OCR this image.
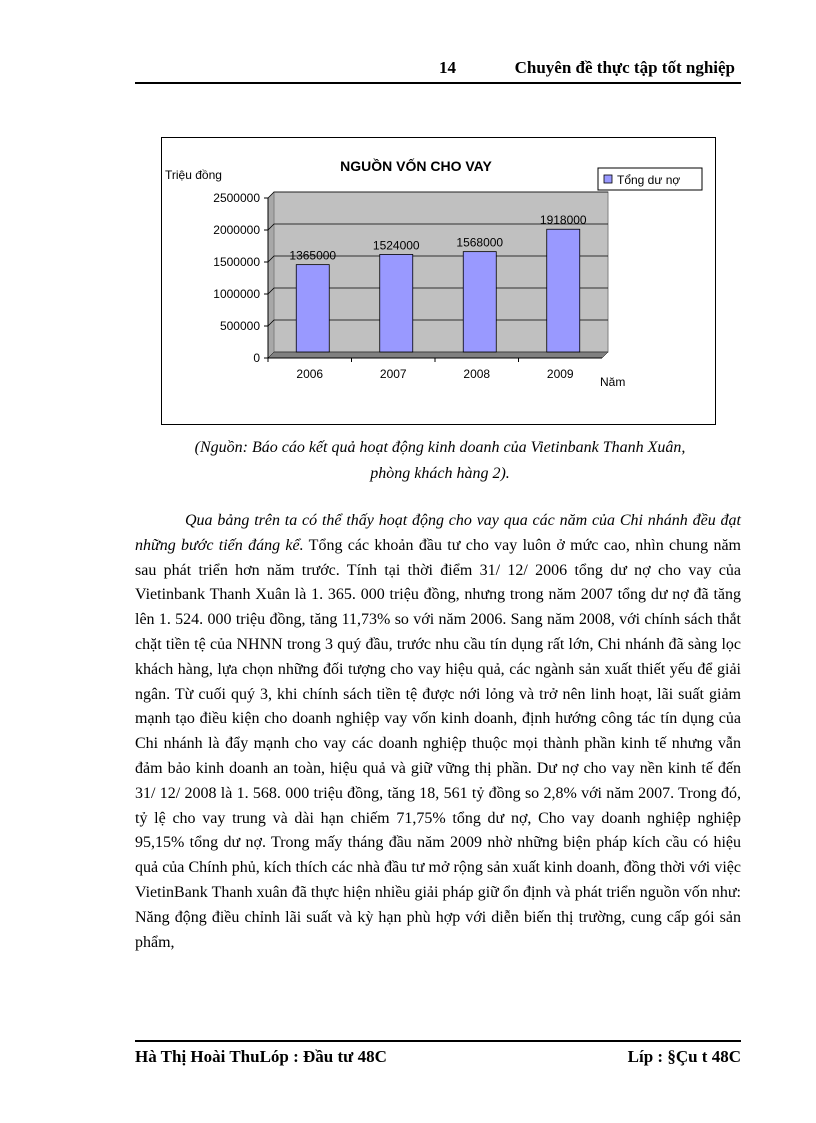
14	Chuyên đề thực tập tốt nghiệp
NGUỒN VỐN CHO VAY
Triệu đồng
0
500000
1000000
1500000
2000000
2500000
1365000
2006
1524000
2007
1568000
2008
1918000
2009
Năm
Tổng dư nợ
(Nguồn: Báo cáo kết quả hoạt động kinh doanh của Vietinbank Thanh Xuân,
phòng khách hàng 2).

Qua bảng trên ta có thể thấy hoạt động cho vay qua các năm của Chi nhánh đều đạt những bước tiến đáng kể. Tổng các khoản đầu tư cho vay luôn ở mức cao, nhìn chung năm sau phát triển hơn năm trước. Tính tại thời điểm 31/ 12/ 2006 tổng dư nợ cho vay của Vietinbank Thanh Xuân là 1. 365. 000 triệu đồng, nhưng trong năm 2007 tổng dư nợ đã tăng lên 1. 524. 000 triệu đồng, tăng 11,73% so với năm 2006. Sang năm 2008, với chính sách thắt chặt tiền tệ của NHNN trong 3 quý đầu, trước nhu cầu tín dụng rất lớn, Chi nhánh đã sàng lọc khách hàng, lựa chọn những đối tượng cho vay hiệu quả, các ngành sản xuất thiết yếu để giải ngân. Từ cuối quý 3, khi chính sách tiền tệ được nới lỏng và trở nên linh hoạt, lãi suất giảm mạnh tạo điều kiện cho doanh nghiệp vay vốn kinh doanh, định hướng công tác tín dụng của Chi nhánh là đẩy mạnh cho vay các doanh nghiệp thuộc mọi thành phần kinh tế nhưng vẫn đảm bảo kinh doanh an toàn, hiệu quả và giữ vững thị phần. Dư nợ cho vay nền kinh tế đến 31/ 12/ 2008 là 1. 568. 000 triệu đồng, tăng 18, 561 tỷ đồng so 2,8% với năm 2007. Trong đó, tỷ lệ cho vay trung và dài hạn chiếm 71,75% tổng dư nợ, Cho vay doanh nghiệp nghiệp 95,15% tổng dư nợ. Trong mấy tháng đầu năm 2009 nhờ những biện pháp kích cầu có hiệu quả của Chính phủ, kích thích các nhà đầu tư mở rộng sản xuất kinh doanh, đồng thời với việc VietinBank Thanh xuân đã thực hiện nhiều giải pháp giữ ổn định và phát triển nguồn vốn như: Năng động điều chỉnh lãi suất và kỳ hạn phù hợp với diễn biến thị trường, cung cấp gói sản phẩm,

Hà Thị Hoài ThuLóp : Đầu tư 48C	Líp : §Çu t 48C
